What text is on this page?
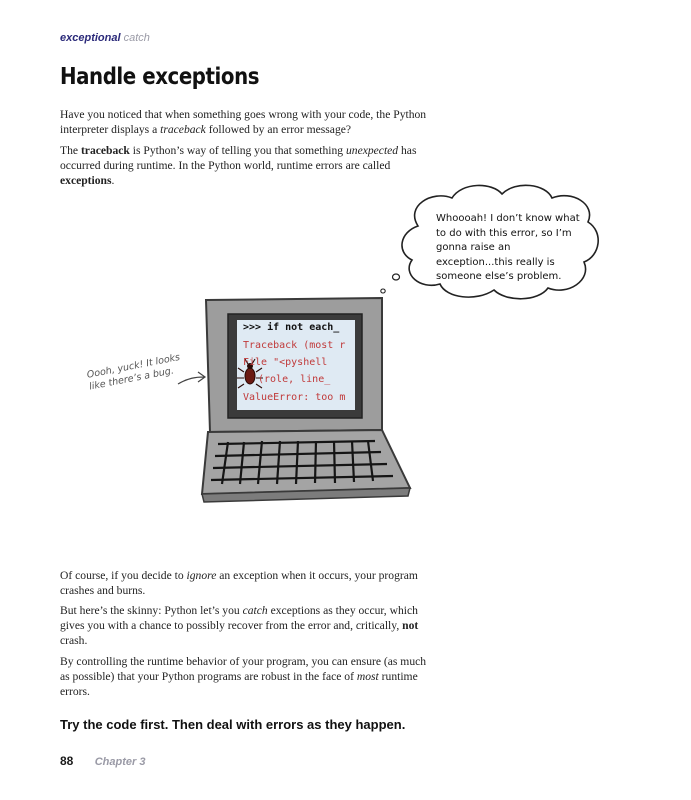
exceptional catch
Handle exceptions

Have you noticed that when something goes wrong with your code, the Python interpreter displays a traceback followed by an error message?

The traceback is Python’s way of telling you that something unexpected has occurred during runtime. In the Python world, runtime errors are called exceptions.

>>> if not each_
Traceback (most r
File "<pyshell
(role, line_
ValueError: too m
Whoooah! I don’t know what to do with this error, so I’m gonna raise an exception...this really is someone else’s problem.
Oooh, yuck! It looks like there’s a bug.

Of course, if you decide to ignore an exception when it occurs, your program crashes and burns.

But here’s the skinny: Python let’s you catch exceptions as they occur, which gives you with a chance to possibly recover from the error and, critically, not crash.

By controlling the runtime behavior of your program, you can ensure (as much as possible) that your Python programs are robust in the face of most runtime errors.

Try the code first. Then deal with errors as they happen.
88 Chapter 3
